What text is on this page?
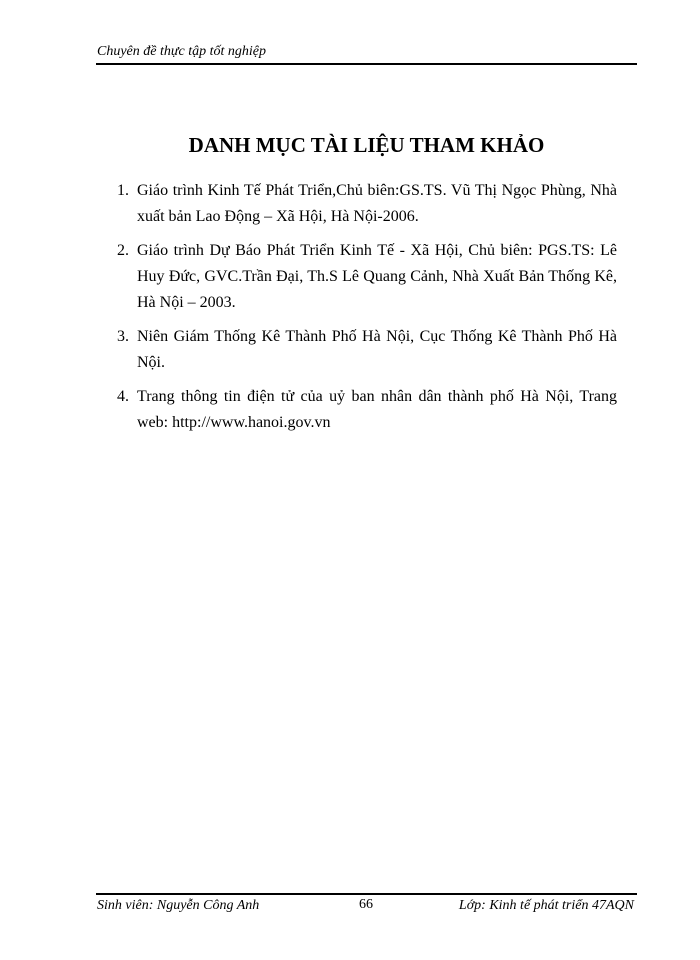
Chuyên đề thực tập tốt nghiệp
DANH MỤC TÀI LIỆU THAM KHẢO
1. Giáo trình Kinh Tế Phát Triển,Chủ biên:GS.TS. Vũ Thị Ngọc Phùng, Nhà xuất bản Lao Động – Xã Hội, Hà Nội-2006.
2. Giáo trình Dự Báo Phát Triển Kinh Tế - Xã Hội, Chủ biên: PGS.TS: Lê Huy Đức, GVC.Trần Đại, Th.S Lê Quang Cảnh, Nhà Xuất Bản Thống Kê, Hà Nội – 2003.
3. Niên Giám Thống Kê Thành Phố Hà Nội, Cục Thống Kê Thành Phố Hà Nội.
4. Trang thông tin điện tử của uỷ ban nhân dân thành phố Hà Nội, Trang web: http://www.hanoi.gov.vn
Sinh viên: Nguyễn Công Anh	66	Lớp: Kinh tế phát triển 47AQN
